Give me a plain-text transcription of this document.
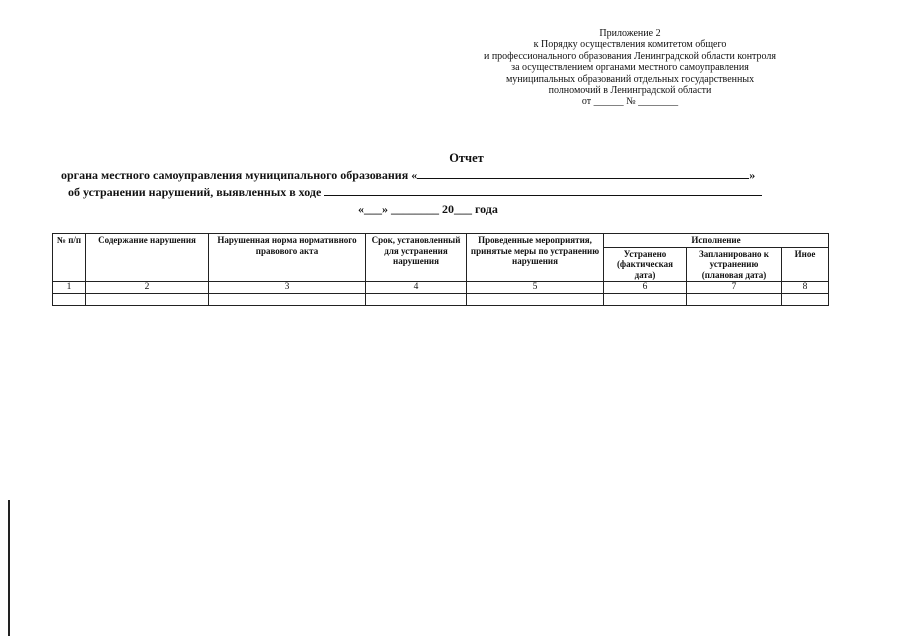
Приложение 2
к Порядку осуществления комитетом общего
и профессионального образования Ленинградской области контроля
за осуществлением органами местного самоуправления
муниципальных образований отдельных государственных
полномочий в Ленинградской области
от ______ № ________
Отчет
органа местного самоуправления муниципального образования «	»
об устранении нарушений, выявленных в ходе
«___» ________ 20___ года
№ п/п	Содержание нарушения	Нарушенная норма нормативного правового акта	Срок, установленный для устранения нарушения	Проведенные мероприятия, принятые меры по устранению нарушения	Исполнение		
					Устранено (фактическая дата)	Запланировано к устранению (плановая дата)	Иное
1	2	3	4	5	6	7	8
